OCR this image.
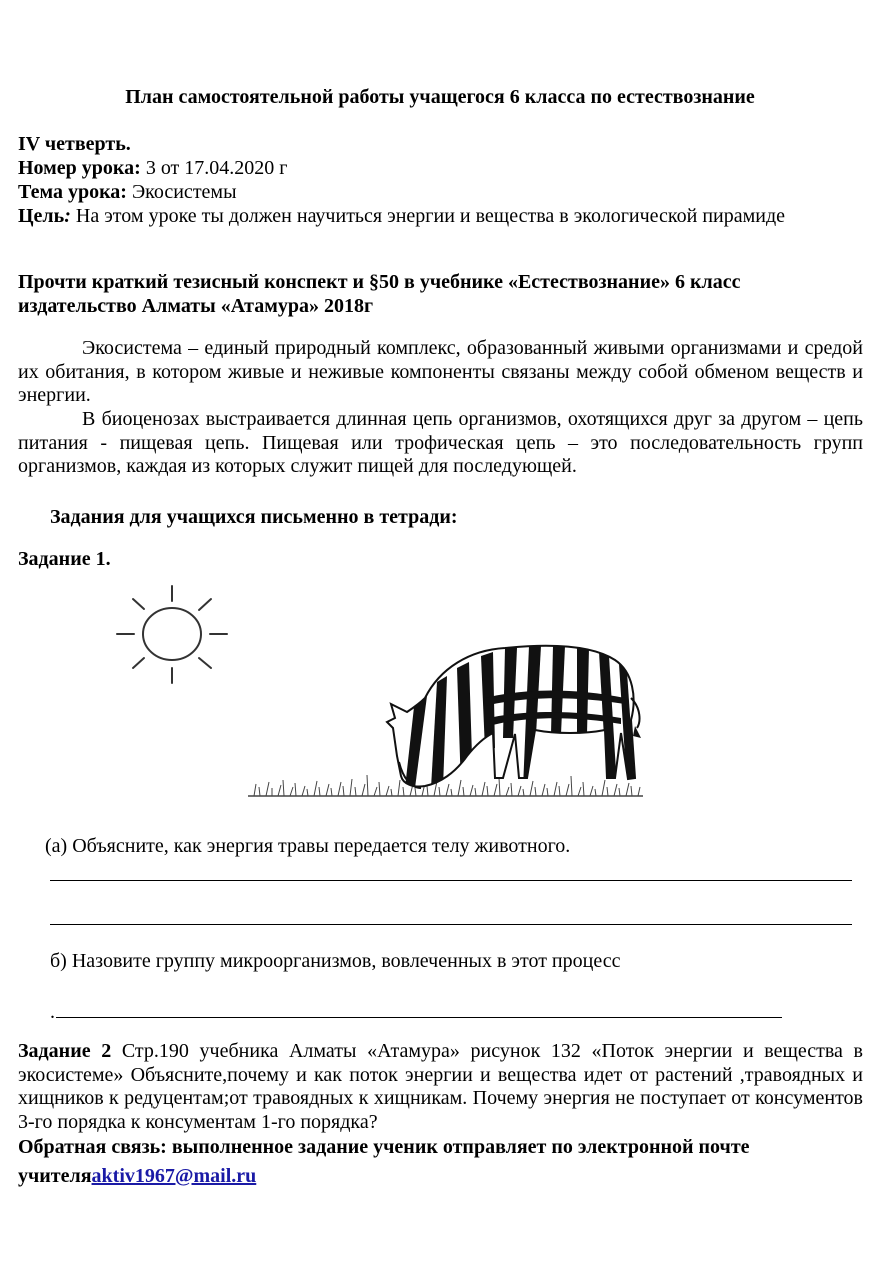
План самостоятельной работы учащегося 6 класса по естествознание
IV четверть.
Номер урока: 3 от 17.04.2020 г
Тема урока: Экосистемы
Цель: На этом уроке ты должен научиться энергии и вещества в экологической пирамиде
Прочти краткий тезисный конспект и §50 в учебнике «Естествознание» 6 класс
издательство Алматы «Атамура» 2018г
Экосистема – единый природный комплекс, образованный живыми организмами и средой их обитания, в котором живые и неживые компоненты связаны между собой обменом веществ и энергии.
В биоценозах выстраивается длинная цепь организмов, охотящихся друг за другом – цепь питания - пищевая цепь. Пищевая или трофическая цепь – это последовательность групп организмов, каждая из которых служит пищей для последующей.
Задания для учащихся письменно в тетради:
Задание 1.
(а) Объясните, как энергия травы передается телу животного.
б) Назовите группу микроорганизмов, вовлеченных в этот процесс
.
Задание 2 Стр.190 учебника Алматы «Атамура» рисунок 132 «Поток энергии и вещества в экосистеме» Объясните,почему и как поток энергии и вещества идет от растений ,травоядных и хищников к редуцентам;от травоядных к хищникам. Почему энергия не поступает от консументов 3-го порядка к консументам 1-го порядка?
Обратная связь: выполненное задание ученик отправляет по электронной почте
учителяaktiv1967@mail.ru
